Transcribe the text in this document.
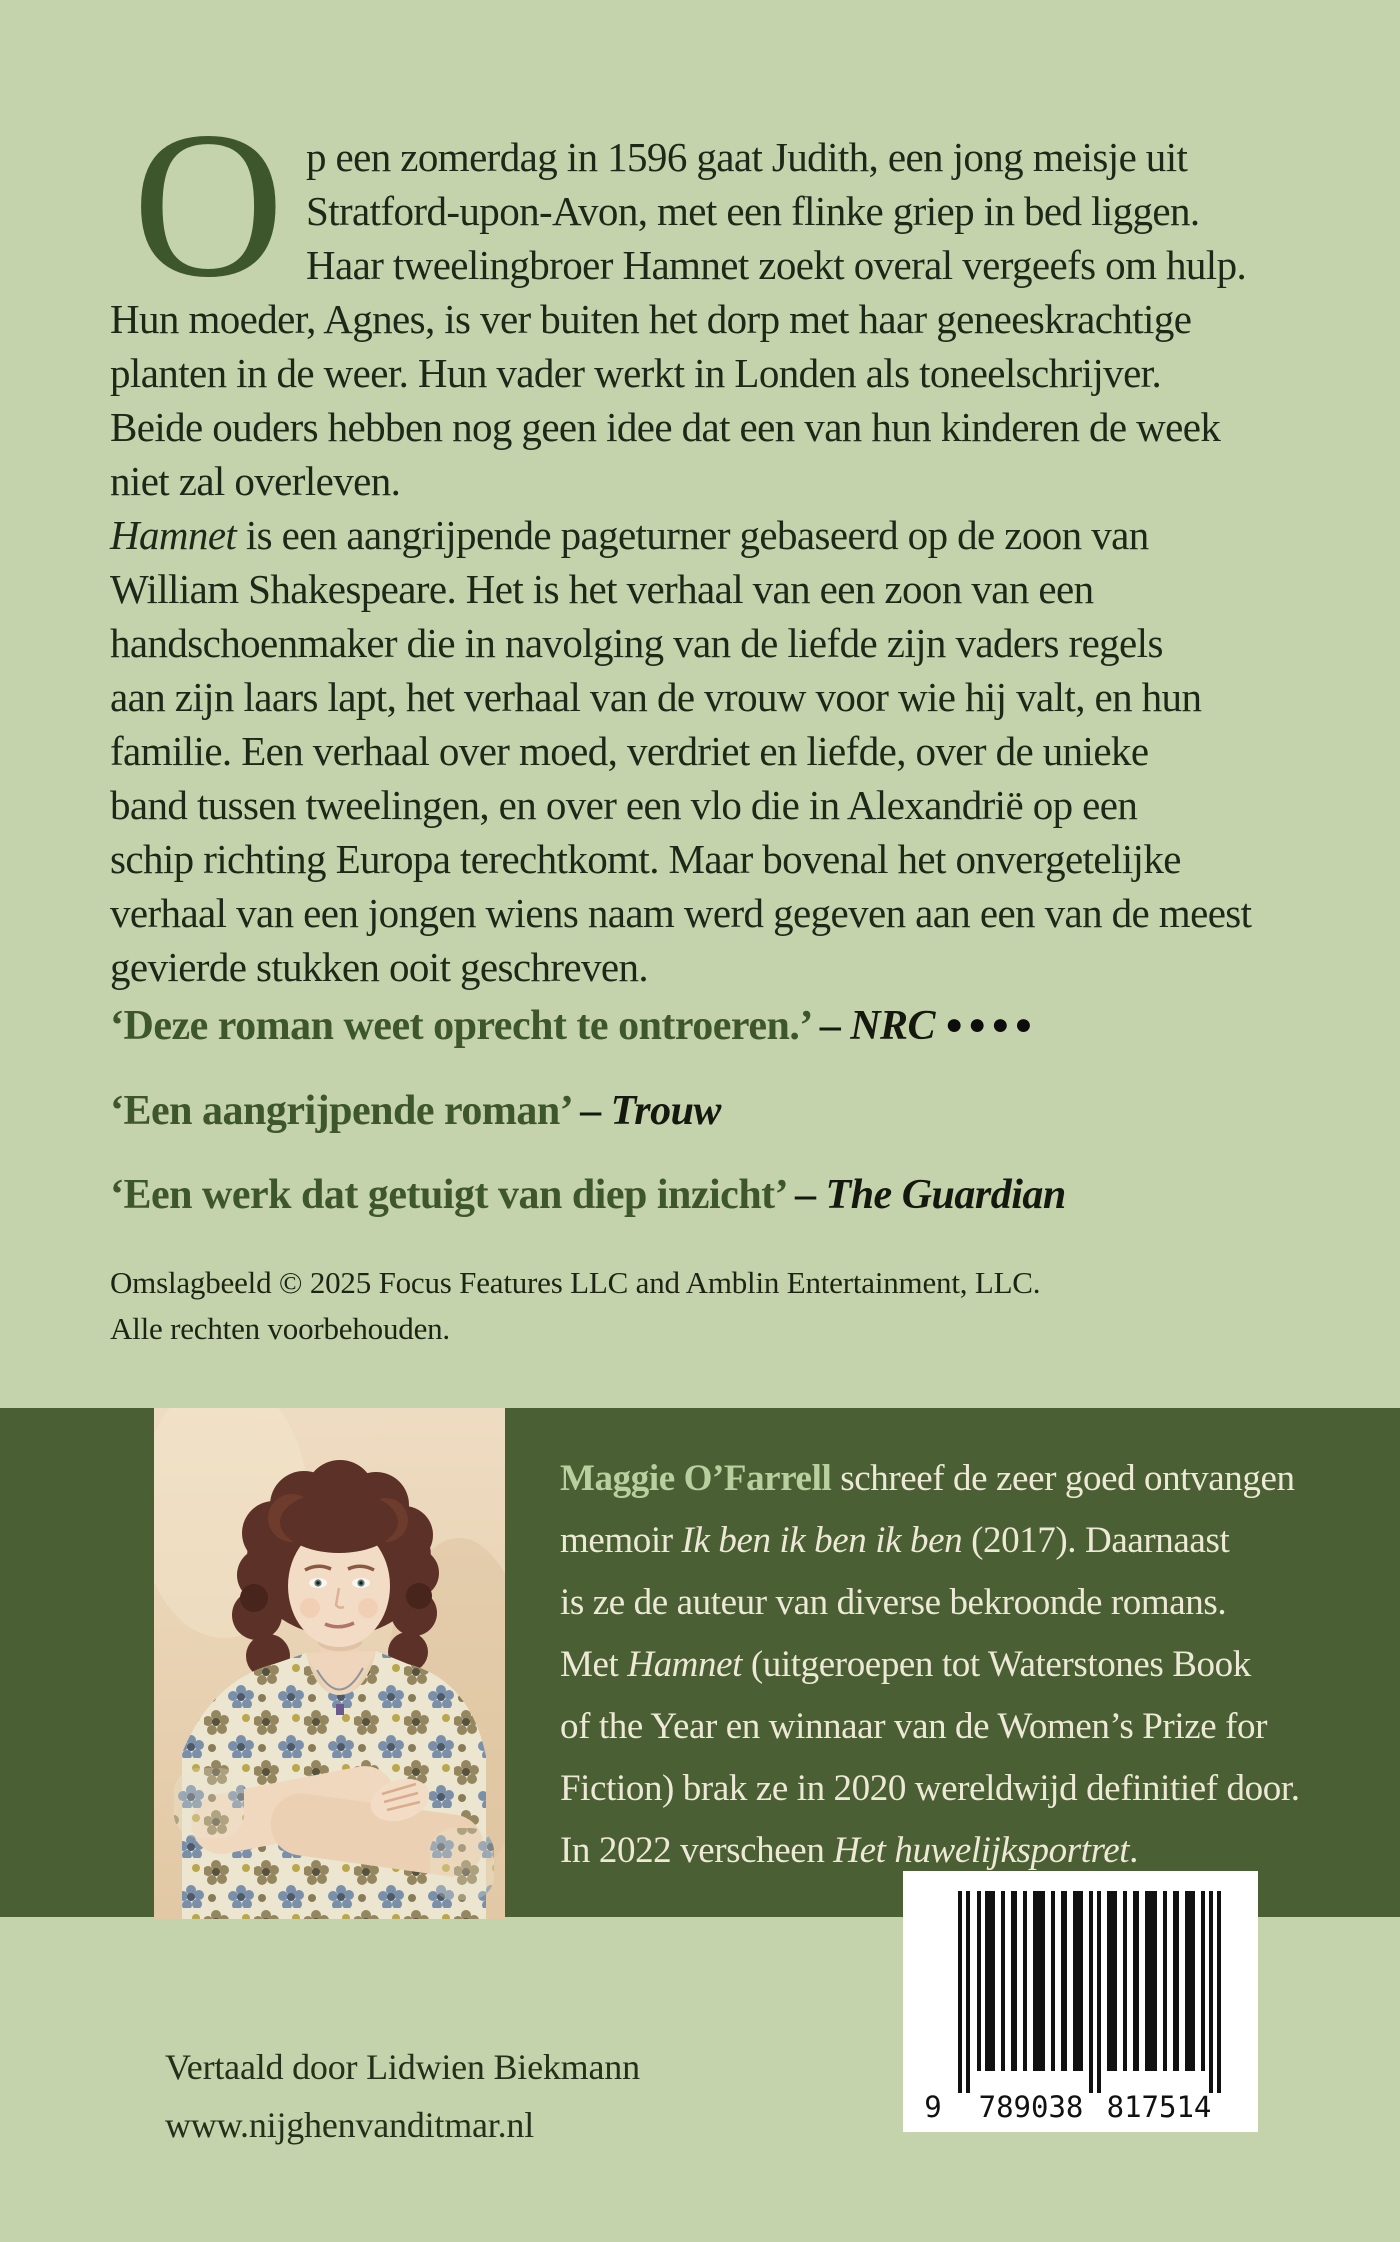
O p een zomerdag in 1596 gaat Judith, een jong meisje uit
Stratford-upon-Avon, met een flinke griep in bed liggen.
Haar tweelingbroer Hamnet zoekt overal vergeefs om hulp.
Hun moeder, Agnes, is ver buiten het dorp met haar geneeskrachtige
planten in de weer. Hun vader werkt in Londen als toneelschrijver.
Beide ouders hebben nog geen idee dat een van hun kinderen de week
niet zal overleven.
Hamnet is een aangrijpende pageturner gebaseerd op de zoon van
William Shakespeare. Het is het verhaal van een zoon van een
handschoenmaker die in navolging van de liefde zijn vaders regels
aan zijn laars lapt, het verhaal van de vrouw voor wie hij valt, en hun
familie. Een verhaal over moed, verdriet en liefde, over de unieke
band tussen tweelingen, en over een vlo die in Alexandrië op een
schip richting Europa terechtkomt. Maar bovenal het onvergetelijke
verhaal van een jongen wiens naam werd gegeven aan een van de meest
gevierde stukken ooit geschreven.

‘Deze roman weet oprecht te ontroeren.’ – NRC ●●●●

‘Een aangrijpende roman’ – Trouw

‘Een werk dat getuigt van diep inzicht’ – The Guardian

Omslagbeeld © 2025 Focus Features LLC and Amblin Entertainment, LLC.
Alle rechten voorbehouden.
Maggie O’Farrell schreef de zeer goed ontvangen
memoir Ik ben ik ben ik ben (2017). Daarnaast
is ze de auteur van diverse bekroonde romans.
Met Hamnet (uitgeroepen tot Waterstones Book
of the Year en winnaar van de Women’s Prize for
Fiction) brak ze in 2020 wereldwijd definitief door.
In 2022 verscheen Het huwelijksportret.
9 789038 817514
Vertaald door Lidwien Biekmann
www.nijghenvanditmar.nl
